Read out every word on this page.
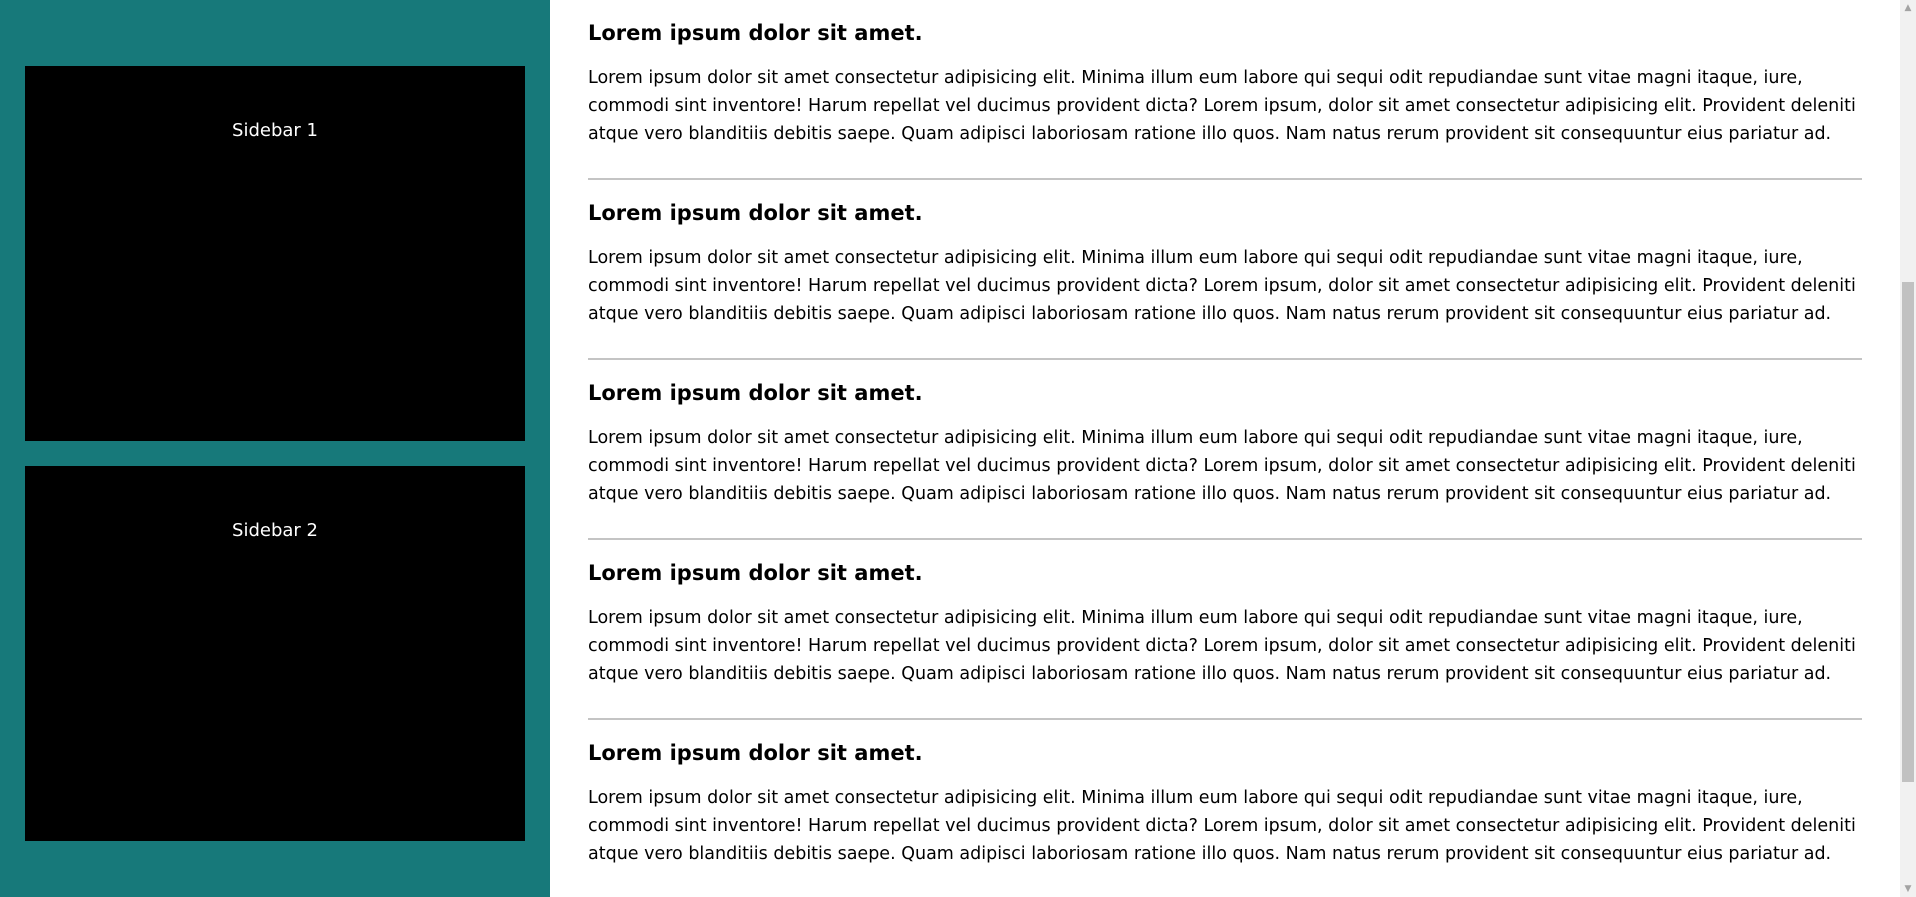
Sidebar 1
Sidebar 2
Lorem ipsum dolor sit amet.

Lorem ipsum dolor sit amet consectetur adipisicing elit. Minima illum eum labore qui sequi odit repudiandae sunt vitae magni itaque, iure, commodi sint inventore! Harum repellat vel ducimus provident dicta? Lorem ipsum, dolor sit amet consectetur adipisicing elit. Provident deleniti atque vero blanditiis debitis saepe. Quam adipisci laboriosam ratione illo quos. Nam natus rerum provident sit consequuntur eius pariatur ad.

Lorem ipsum dolor sit amet.

Lorem ipsum dolor sit amet consectetur adipisicing elit. Minima illum eum labore qui sequi odit repudiandae sunt vitae magni itaque, iure, commodi sint inventore! Harum repellat vel ducimus provident dicta? Lorem ipsum, dolor sit amet consectetur adipisicing elit. Provident deleniti atque vero blanditiis debitis saepe. Quam adipisci laboriosam ratione illo quos. Nam natus rerum provident sit consequuntur eius pariatur ad.

Lorem ipsum dolor sit amet.

Lorem ipsum dolor sit amet consectetur adipisicing elit. Minima illum eum labore qui sequi odit repudiandae sunt vitae magni itaque, iure, commodi sint inventore! Harum repellat vel ducimus provident dicta? Lorem ipsum, dolor sit amet consectetur adipisicing elit. Provident deleniti atque vero blanditiis debitis saepe. Quam adipisci laboriosam ratione illo quos. Nam natus rerum provident sit consequuntur eius pariatur ad.

Lorem ipsum dolor sit amet.

Lorem ipsum dolor sit amet consectetur adipisicing elit. Minima illum eum labore qui sequi odit repudiandae sunt vitae magni itaque, iure, commodi sint inventore! Harum repellat vel ducimus provident dicta? Lorem ipsum, dolor sit amet consectetur adipisicing elit. Provident deleniti atque vero blanditiis debitis saepe. Quam adipisci laboriosam ratione illo quos. Nam natus rerum provident sit consequuntur eius pariatur ad.

Lorem ipsum dolor sit amet.

Lorem ipsum dolor sit amet consectetur adipisicing elit. Minima illum eum labore qui sequi odit repudiandae sunt vitae magni itaque, iure, commodi sint inventore! Harum repellat vel ducimus provident dicta? Lorem ipsum, dolor sit amet consectetur adipisicing elit. Provident deleniti atque vero blanditiis debitis saepe. Quam adipisci laboriosam ratione illo quos. Nam natus rerum provident sit consequuntur eius pariatur ad.

▲
▼
